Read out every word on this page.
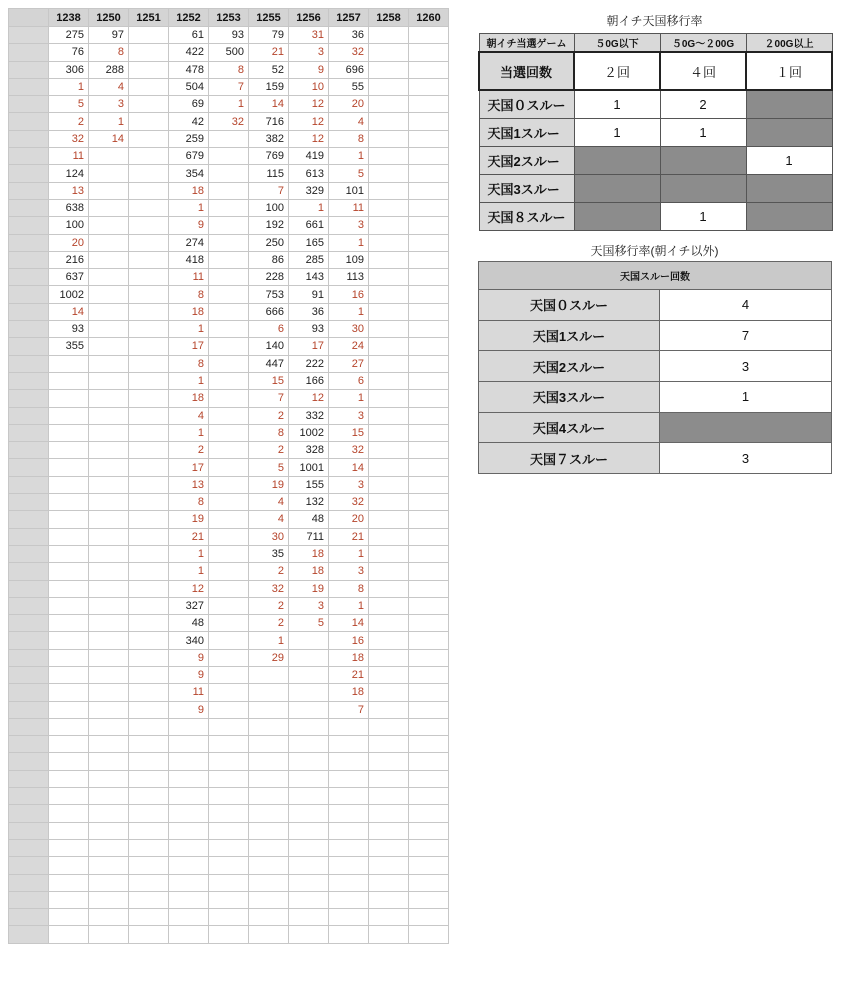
	1238	1250	1251	1252	1253	1255	1256	1257	1258	1260
	275	97		61	93	79	31	36		
	76	8		422	500	21	3	32		
	306	288		478	8	52	9	696		
	1	4		504	7	159	10	55		
	5	3		69	1	14	12	20		
	2	1		42	32	716	12	4		
	32	14		259		382	12	8		
	11			679		769	419	1		
	124			354		115	613	5		
	13			18		7	329	101		
	638			1		100	1	11		
	100			9		192	661	3		
	20			274		250	165	1		
	216			418		86	285	109		
	637			11		228	143	113		
	1002			8		753	91	16		
	14			18		666	36	1		
	93			1		6	93	30		
	355			17		140	17	24		
				8		447	222	27		
				1		15	166	6		
				18		7	12	1		
				4		2	332	3		
				1		8	1002	15		
				2		2	328	32		
				17		5	1001	14		
				13		19	155	3		
				8		4	132	32		
				19		4	48	20		
				21		30	711	21		
				1		35	18	1		
				1		2	18	3		
				12		32	19	8		
				327		2	3	1		
				48		2	5	14		
				340		1		16		
				9		29		18		
				9				21		
				11				18		
				9				7		

朝イチ天国移行率
朝イチ当選ゲーム	５0G以下	５0G～２00G	２00G以上
当選回数	２回	４回	１回
天国０スルー	1	2	
天国1スルー	1	1	
天国2スルー			1
天国3スルー			
天国８スルー		1	
天国移行率(朝イチ以外)
天国スルー回数	
天国０スルー	4
天国1スルー	7
天国2スルー	3
天国3スルー	1
天国4スルー	
天国７スルー	3
